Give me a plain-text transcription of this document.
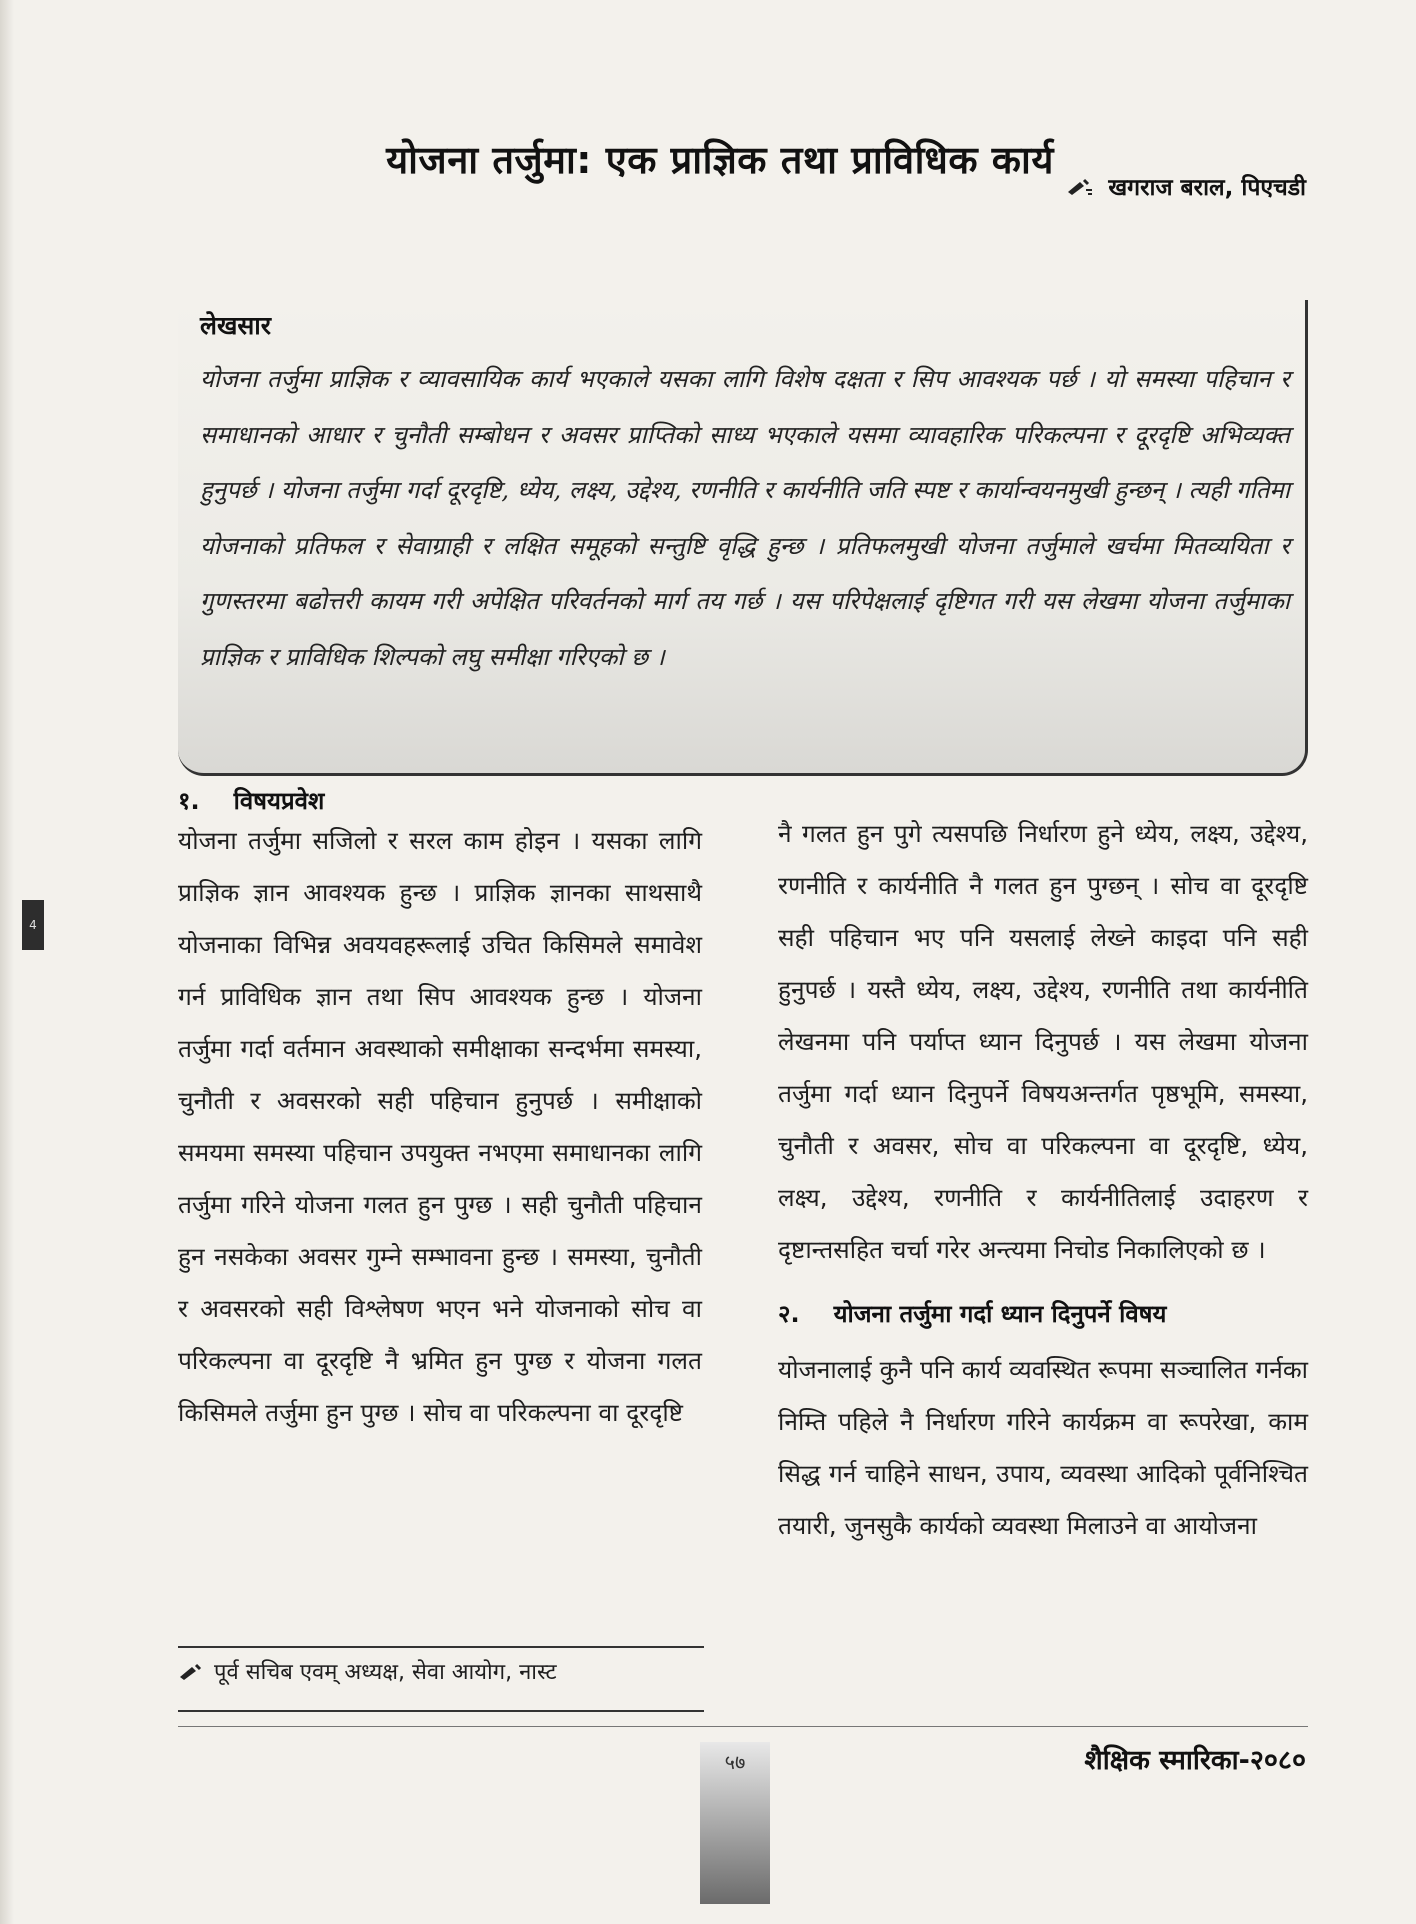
4
योजना तर्जुमा: एक प्राज्ञिक तथा प्राविधिक कार्य
खगराज बराल, पिएचडी
लेखसार
योजना तर्जुमा प्राज्ञिक र व्यावसायिक कार्य भएकाले यसका लागि विशेष दक्षता र सिप आवश्यक पर्छ । यो समस्या पहिचान र समाधानको आधार र चुनौती सम्बोधन र अवसर प्राप्तिको साध्य भएकाले यसमा व्यावहारिक परिकल्पना र दूरदृष्टि अभिव्यक्त हुनुपर्छ । योजना तर्जुमा गर्दा दूरदृष्टि, ध्येय, लक्ष्य, उद्देश्य, रणनीति र कार्यनीति जति स्पष्ट र कार्यान्वयनमुखी हुन्छन् । त्यही गतिमा योजनाको प्रतिफल र सेवाग्राही र लक्षित समूहको सन्तुष्टि वृद्धि हुन्छ । प्रतिफलमुखी योजना तर्जुमाले खर्चमा मितव्ययिता र गुणस्तरमा बढोत्तरी कायम गरी अपेक्षित परिवर्तनको मार्ग तय गर्छ । यस परिपेक्षलाई दृष्टिगत गरी यस लेखमा योजना तर्जुमाका प्राज्ञिक र प्राविधिक शिल्पको लघु समीक्षा गरिएको छ ।
१. विषयप्रवेश
योजना तर्जुमा सजिलो र सरल काम होइन । यसका लागि प्राज्ञिक ज्ञान आवश्यक हुन्छ । प्राज्ञिक ज्ञानका साथसाथै योजनाका विभिन्न अवयवहरूलाई उचित किसिमले समावेश गर्न प्राविधिक ज्ञान तथा सिप आवश्यक हुन्छ । योजना तर्जुमा गर्दा वर्तमान अवस्थाको समीक्षाका सन्दर्भमा समस्या, चुनौती र अवसरको सही पहिचान हुनुपर्छ । समीक्षाको समयमा समस्या पहिचान उपयुक्त नभएमा समाधानका लागि तर्जुमा गरिने योजना गलत हुन पुग्छ । सही चुनौती पहिचान हुन नसकेका अवसर गुम्ने सम्भावना हुन्छ । समस्या, चुनौती र अवसरको सही विश्लेषण भएन भने योजनाको सोच वा परिकल्पना वा दूरदृष्टि नै भ्रमित हुन पुग्छ र योजना गलत किसिमले तर्जुमा हुन पुग्छ । सोच वा परिकल्पना वा दूरदृष्टि
नै गलत हुन पुगे त्यसपछि निर्धारण हुने ध्येय, लक्ष्य, उद्देश्य, रणनीति र कार्यनीति नै गलत हुन पुग्छन् । सोच वा दूरदृष्टि सही पहिचान भए पनि यसलाई लेख्ने काइदा पनि सही हुनुपर्छ । यस्तै ध्येय, लक्ष्य, उद्देश्य, रणनीति तथा कार्यनीति लेखनमा पनि पर्याप्त ध्यान दिनुपर्छ । यस लेखमा योजना तर्जुमा गर्दा ध्यान दिनुपर्ने विषयअन्तर्गत पृष्ठभूमि, समस्या, चुनौती र अवसर, सोच वा परिकल्पना वा दूरदृष्टि, ध्येय, लक्ष्य, उद्देश्य, रणनीति र कार्यनीतिलाई उदाहरण र दृष्टान्तसहित चर्चा गरेर अन्त्यमा निचोड निकालिएको छ ।
२. योजना तर्जुमा गर्दा ध्यान दिनुपर्ने विषय
योजनालाई कुनै पनि कार्य व्यवस्थित रूपमा सञ्चालित गर्नका निम्ति पहिले नै निर्धारण गरिने कार्यक्रम वा रूपरेखा, काम सिद्ध गर्न चाहिने साधन, उपाय, व्यवस्था आदिको पूर्वनिश्चित तयारी, जुनसुकै कार्यको व्यवस्था मिलाउने वा आयोजना
पूर्व सचिब एवम् अध्यक्ष, सेवा आयोग, नास्ट
५७	शैक्षिक स्मारिका-२०८०
